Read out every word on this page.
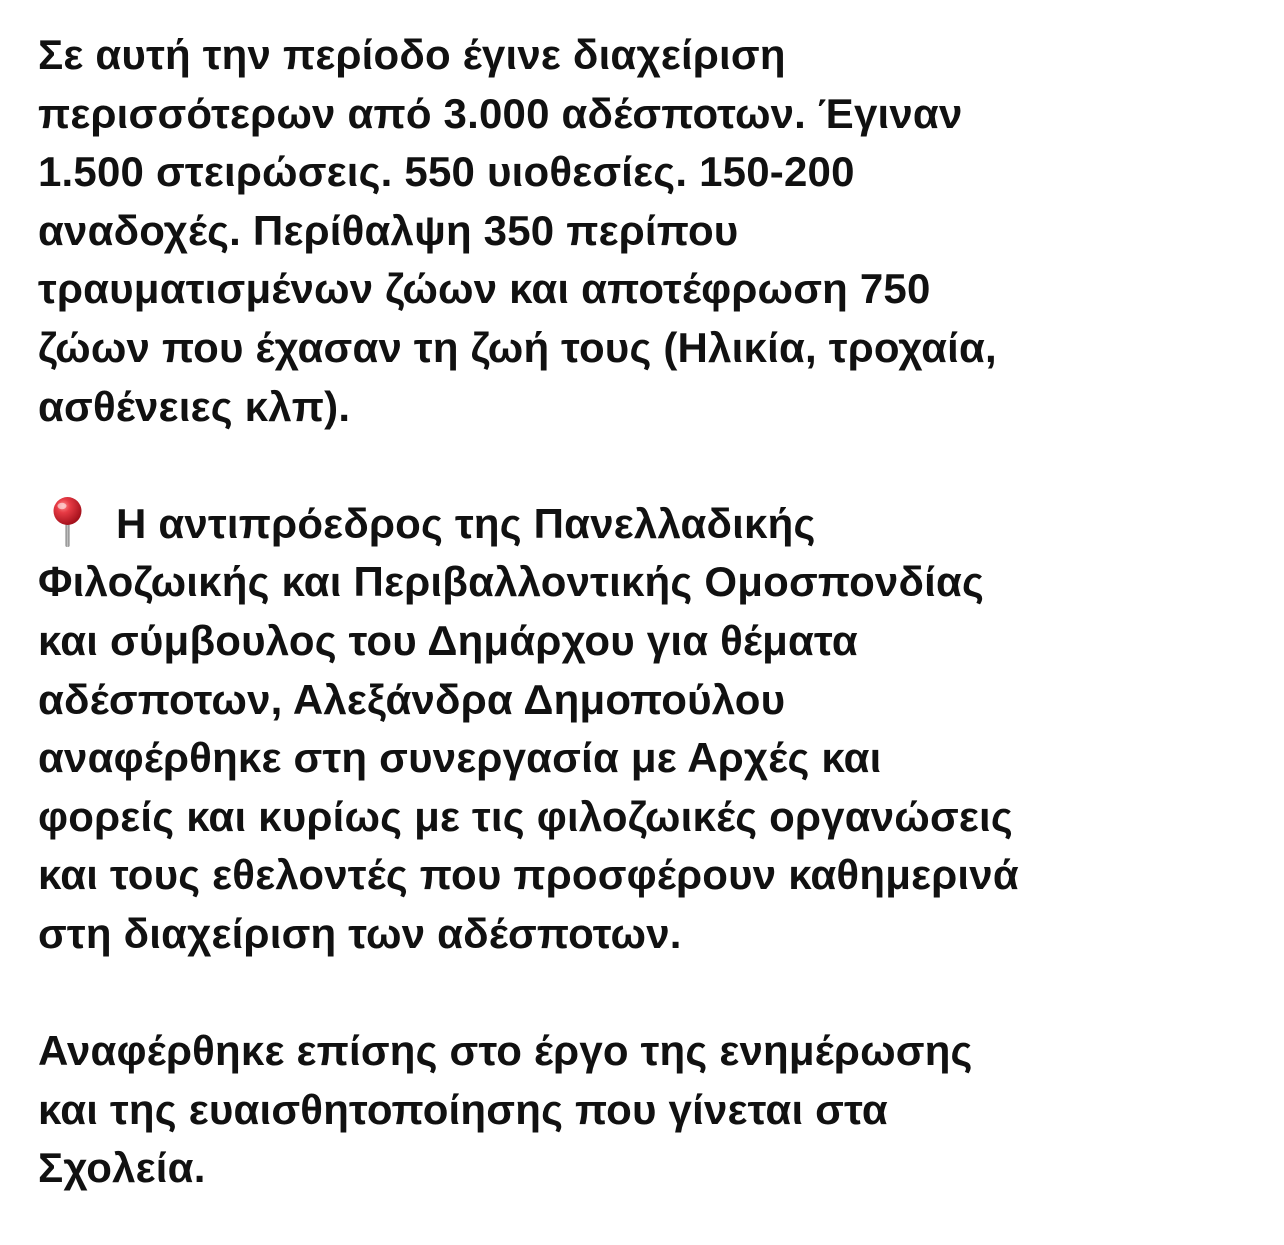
Σε αυτή την περίοδο έγινε διαχείριση
περισσότερων από 3.000 αδέσποτων. Έγιναν
1.500 στειρώσεις. 550 υιοθεσίες. 150-200
αναδοχές. Περίθαλψη 350 περίπου
τραυματισμένων ζώων και αποτέφρωση 750
ζώων που έχασαν τη ζωή τους (Ηλικία, τροχαία,
ασθένειες κλπ).
Η αντιπρόεδρος της Πανελλαδικής
Φιλοζωικής και Περιβαλλοντικής Ομοσπονδίας
και σύμβουλος του Δημάρχου για θέματα
αδέσποτων, Αλεξάνδρα Δημοπούλου
αναφέρθηκε στη συνεργασία με Αρχές και
φορείς και κυρίως με τις φιλοζωικές οργανώσεις
και τους εθελοντές που προσφέρουν καθημερινά
στη διαχείριση των αδέσποτων.
Αναφέρθηκε επίσης στο έργο της ενημέρωσης
και της ευαισθητοποίησης που γίνεται στα
Σχολεία.
